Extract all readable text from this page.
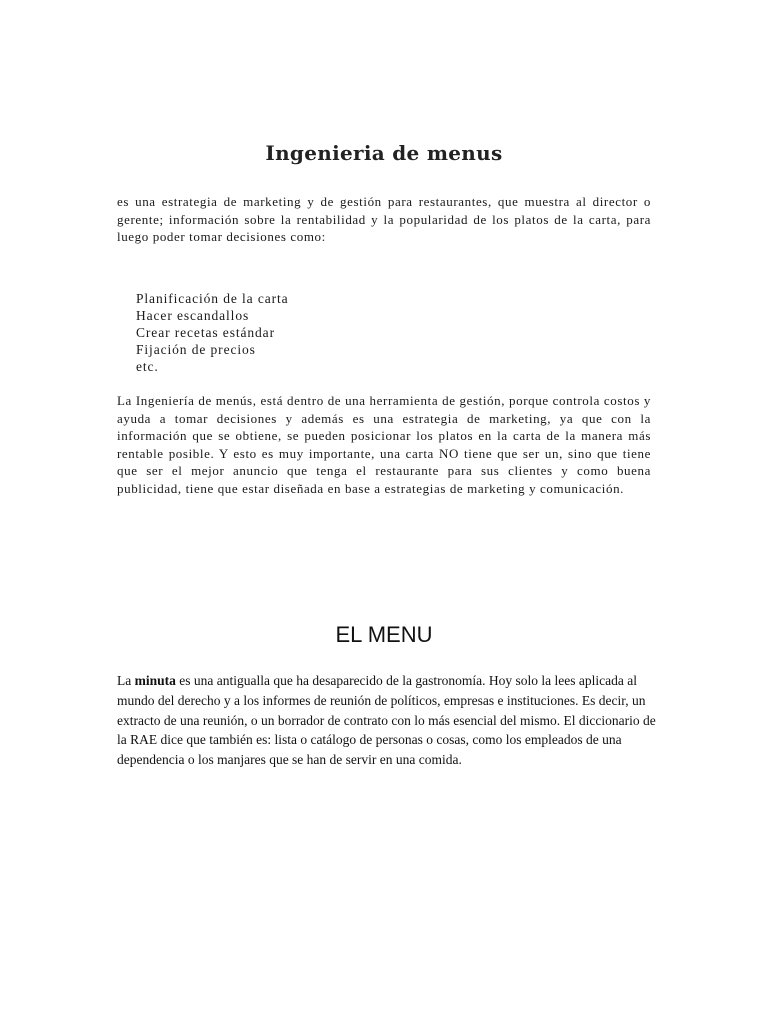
Ingenieria de menus

es una estrategia de marketing y de gestión para restaurantes, que muestra al director o gerente; información sobre la rentabilidad y la popularidad de los platos de la carta, para luego poder tomar decisiones como:

Planificación de la carta
Hacer escandallos
Crear recetas estándar
Fijación de precios
etc.

La Ingeniería de menús, está dentro de una herramienta de gestión, porque controla costos y ayuda a tomar decisiones y además es una estrategia de marketing, ya que con la información que se obtiene, se pueden posicionar los platos en la carta de la manera más rentable posible. Y esto es muy importante, una carta NO tiene que ser un, sino que tiene que ser el mejor anuncio que tenga el restaurante para sus clientes y como buena publicidad, tiene que estar diseñada en base a estrategias de marketing y comunicación.

EL MENU

La minuta es una antigualla que ha desaparecido de la gastronomía. Hoy solo la lees aplicada al mundo del derecho y a los informes de reunión de políticos, empresas e instituciones. Es decir, un extracto de una reunión, o un borrador de contrato con lo más esencial del mismo. El diccionario de la RAE dice que también es: lista o catálogo de personas o cosas, como los empleados de una dependencia o los manjares que se han de servir en una comida.
